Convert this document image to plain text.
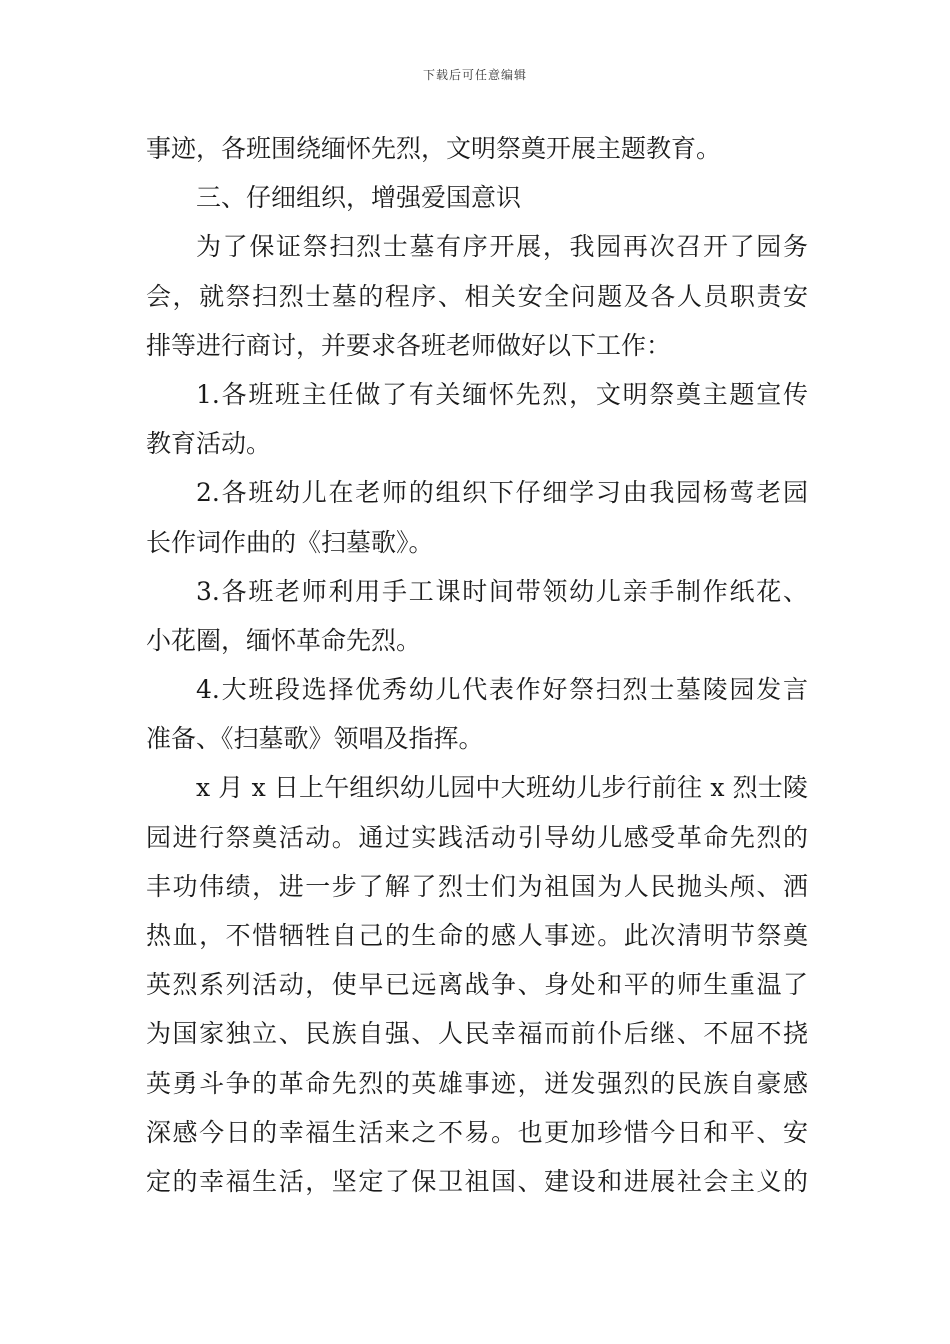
下载后可任意编辑
事迹，各班围绕缅怀先烈，文明祭奠开展主题教育。
三、仔细组织，增强爱国意识
为了保证祭扫烈士墓有序开展，我园再次召开了园务
会，就祭扫烈士墓的程序、相关安全问题及各人员职责安
排等进行商讨，并要求各班老师做好以下工作：
1.各班班主任做了有关缅怀先烈，文明祭奠主题宣传
教育活动。
2.各班幼儿在老师的组织下仔细学习由我园杨莺老园
长作词作曲的《扫墓歌》。
3.各班老师利用手工课时间带领幼儿亲手制作纸花、
小花圈，缅怀革命先烈。
4.大班段选择优秀幼儿代表作好祭扫烈士墓陵园发言
准备、《扫墓歌》领唱及指挥。
x 月 x 日上午组织幼儿园中大班幼儿步行前往 x 烈士陵
园进行祭奠活动。通过实践活动引导幼儿感受革命先烈的
丰功伟绩，进一步了解了烈士们为祖国为人民抛头颅、洒
热血，不惜牺牲自己的生命的感人事迹。此次清明节祭奠
英烈系列活动，使早已远离战争、身处和平的师生重温了
为国家独立、民族自强、人民幸福而前仆后继、不屈不挠
英勇斗争的革命先烈的英雄事迹，迸发强烈的民族自豪感
深感今日的幸福生活来之不易。也更加珍惜今日和平、安
定的幸福生活，坚定了保卫祖国、建设和进展社会主义的
